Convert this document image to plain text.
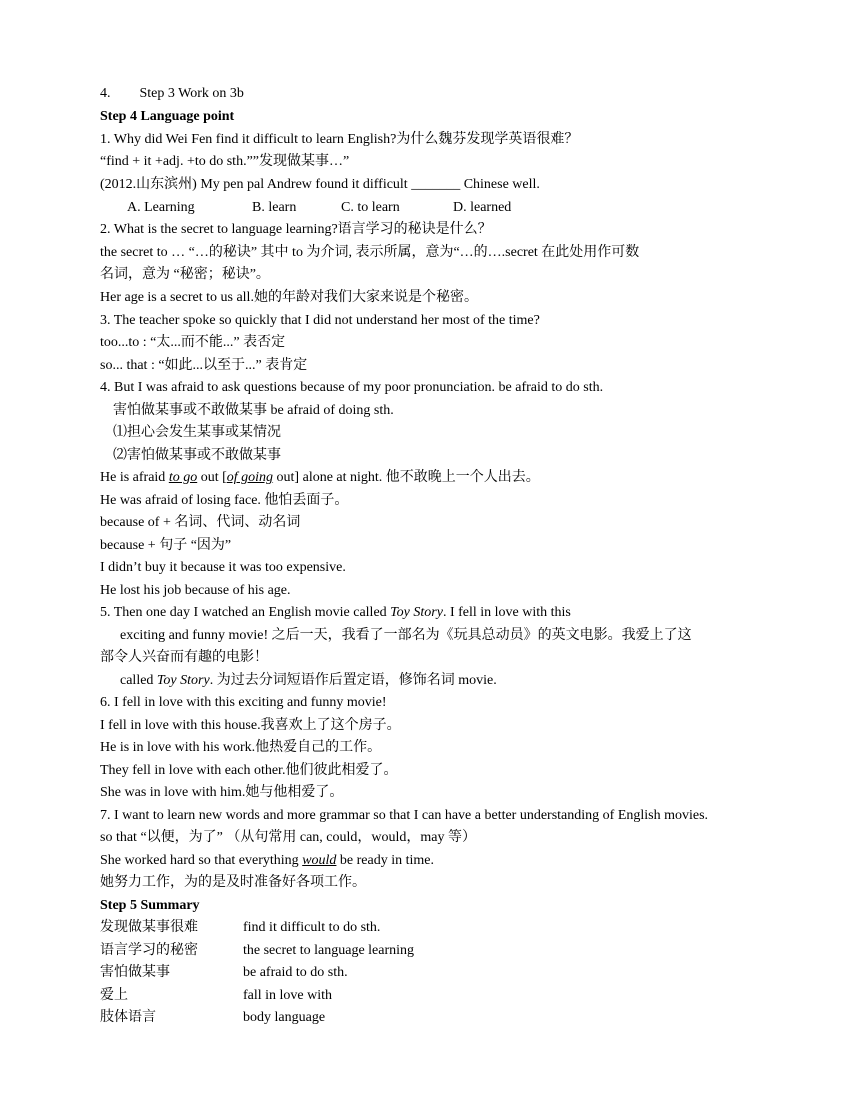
4. Step 3 Work on 3b
Step 4 Language point
1. Why did Wei Fen find it difficult to learn English?为什么魏芬发现学英语很难？
“find + it +adj. +to do sth.””发现做某事…”
(2012.山东滨州) My pen pal Andrew found it difficult _______ Chinese well.
A. Learning	B. learn	C. to learn	D. learned
2. What is the secret to language learning?语言学习的秘诀是什么？
the secret to … “…的秘诀” 其中 to 为介词, 表示所属，意为“…的….secret 在此处用作可数
名词，意为 “秘密；秘诀”。
Her age is a secret to us all.她的年龄对我们大家来说是个秘密。
3. The teacher spoke so quickly that I did not understand her most of the time?
too...to : “太...而不能...” 表否定
so... that : “如此...以至于...” 表肯定
4. But I was afraid to ask questions because of my poor pronunciation. be afraid to do sth.
害怕做某事或不敢做某事 be afraid of doing sth.
⑴担心会发生某事或某情况
⑵害怕做某事或不敢做某事
He is afraid to go out [of going out] alone at night. 他不敢晚上一个人出去。
He was afraid of losing face. 他怕丢面子。
because of + 名词、代词、动名词
because + 句子 “因为”
I didn’t buy it because it was too expensive.
He lost his job because of his age.
5. Then one day I watched an English movie called Toy Story. I fell in love with this
exciting and funny movie! 之后一天，我看了一部名为《玩具总动员》的英文电影。我爱上了这
部令人兴奋而有趣的电影！
called Toy Story. 为过去分词短语作后置定语，修饰名词 movie.
6. I fell in love with this exciting and funny movie!
I fell in love with this house.我喜欢上了这个房子。
He is in love with his work.他热爱自己的工作。
They fell in love with each other.他们彼此相爱了。
She was in love with him.她与他相爱了。
7. I want to learn new words and more grammar so that I can have a better understanding of English movies.
so that “以便，为了” （从句常用 can, could，would，may 等）
She worked hard so that everything would be ready in time.
她努力工作，为的是及时准备好各项工作。
Step 5 Summary
发现做某事很难	find it difficult to do sth.
语言学习的秘密	the secret to language learning
害怕做某事	be afraid to do sth.
爱上	fall in love with
肢体语言	body language
